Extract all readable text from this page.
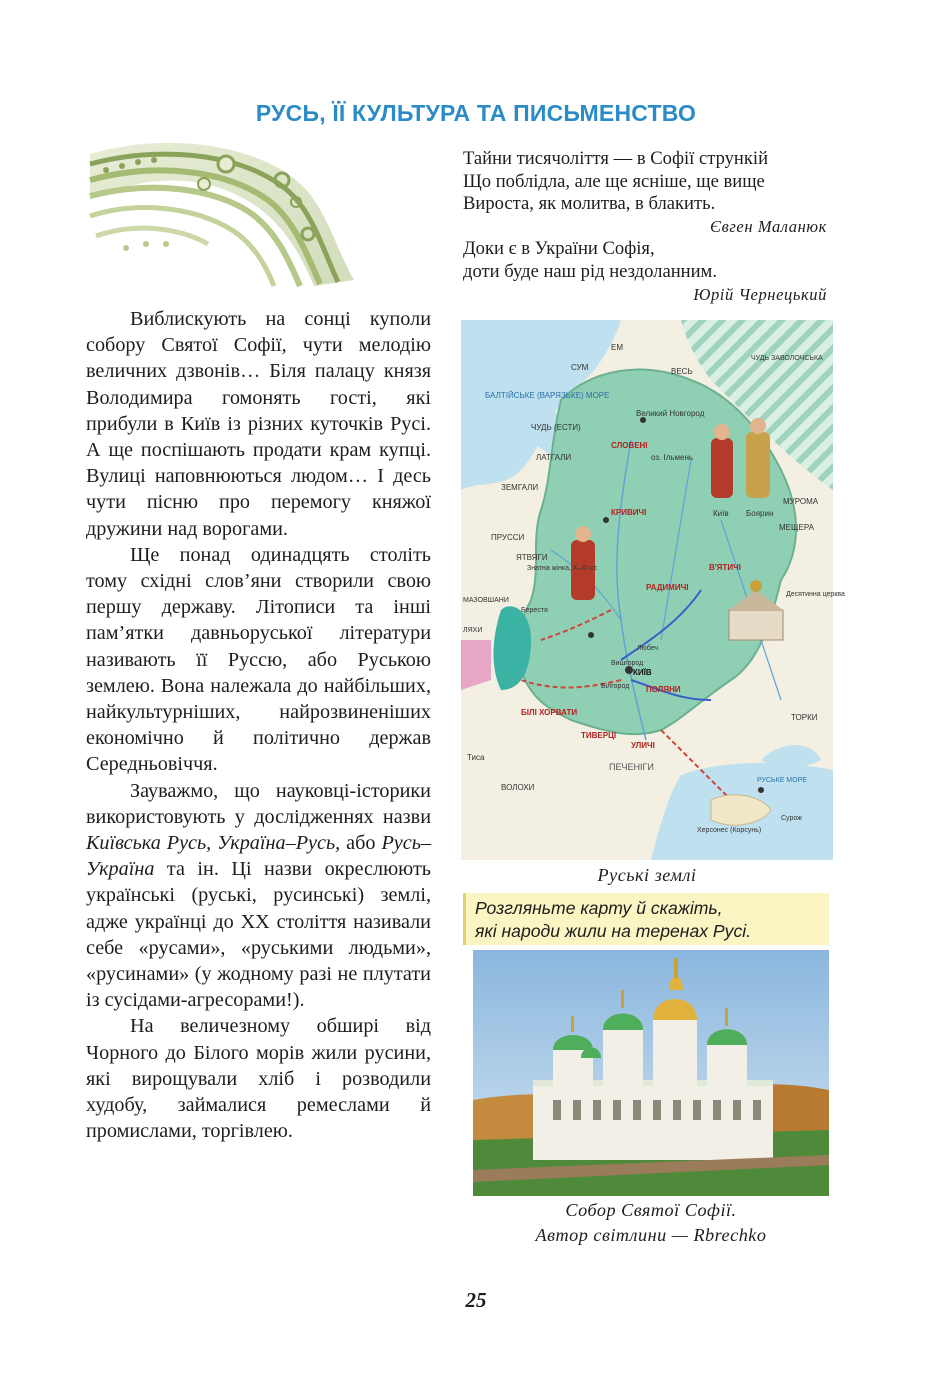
РУСЬ, ЇЇ КУЛЬТУРА ТА ПИСЬМЕНСТВО
Тайни тисячоліття — в Софії стрункій
Що поблідла, але ще ясніше, ще вище
Вироста, як молитва, в блакить.
Євген Маланюк
Доки є в України Софія,
доти буде наш рід нездоланним.
Юрій Чернецький

Виблискують на сонці куполи собору Святої Софії, чути мелодію величних дзвонів… Біля палацу князя Володимира гомонять гості, які прибули в Київ із різних куточків Русі. А ще поспішають продати крам купці. Вулиці наповнюються людом… І десь чути пісню про перемогу княжої дружини над ворогами.

Ще понад одинадцять століть тому східні слов’яни створили свою першу державу. Літописи та інші пам’ятки давньоруської літератури називають її Руссю, або Руською землею. Вона належала до найбільших, найкультурніших, найрозвиненіших економічно й політично держав Середньовіччя.

Зауважмо, що науковці-історики використовують у дослідженнях назви Київська Русь, Україна–Русь, або Русь–Україна та ін. Ці назви окреслюють українські (руські, русинські) землі, адже українці до XX століття називали себе «русами», «руськими людьми», «русинами» (у жодному разі не плутати із сусідами-агресорами!).

На величезному обширі від Чорного до Білого морів жили русини, які вирощували хліб і розводили худобу, займалися ремеслами й промислами, торгівлею.

БАЛТІЙСЬКЕ (ВАРЯЗЬКЕ) МОРЕ
ВЕСЬ
СУМ
ЕМ
ЧУДЬ ЗАВОЛОЧСЬКА
ЧУДЬ (ЕСТИ)
ЛАТГАЛИ
ЗЕМГАЛИ
ПРУССИ
ЯТВЯГИ
Великий Новгород
СЛОВЕНІ
оз. Ільмень
КРИВИЧІ	Київ Боярин
МУРОМА
МЕЩЕРА
В'ЯТИЧІ
РАДИМИЧІ
Десятинна церква
Знатна жінка, X–XI ст.
Берестя
МАЗОВШАНИ
ЛЯХИ
Любеч
Вишгород
КИЇВ
Білгород ПОЛЯНИ
БІЛІ ХОРВАТИ
ТИВЕРЦІ
УЛИЧІ
ТОРКИ
ПЕЧЕНІГИ
Тиса
ВОЛОХИ
РУСЬКЕ МОРЕ
Херсонес (Корсунь)
Сурож
Руські землі
Розгляньте карту й скажіть,
які народи жили на теренах Русі.
Собор Святої Софії.
Автор світлини — Rbrechko
25
